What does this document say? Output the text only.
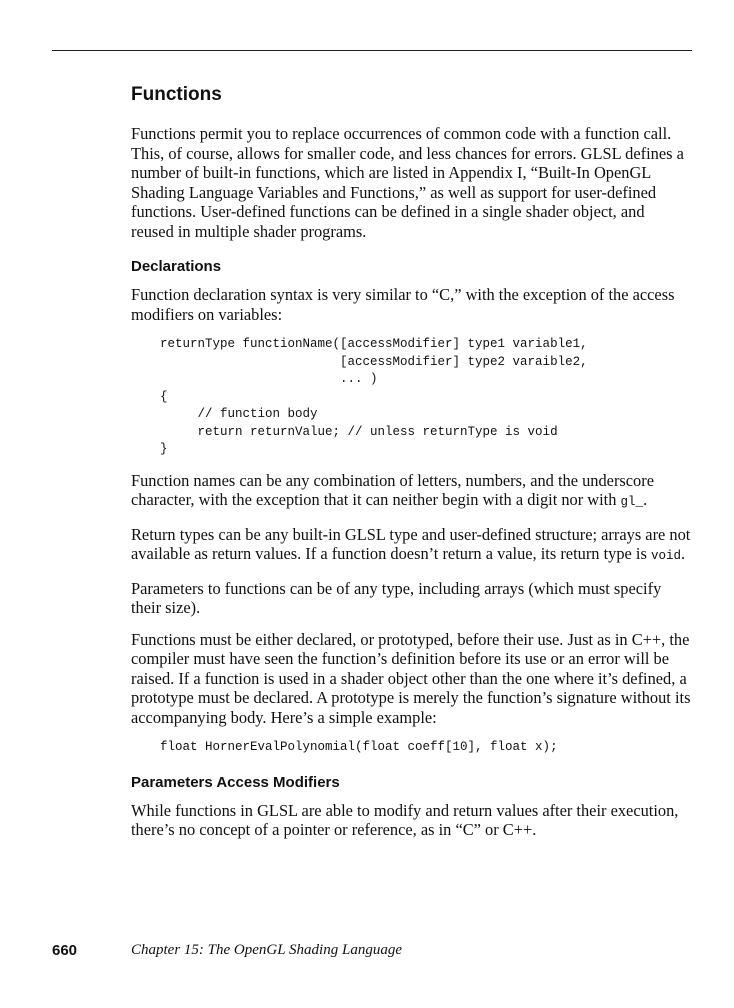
Functions

Functions permit you to replace occurrences of common code with a function call. This, of course, allows for smaller code, and less chances for errors. GLSL defines a number of built-in functions, which are listed in Appendix I, “Built-In OpenGL Shading Language Variables and Functions,” as well as support for user-defined functions. User-defined functions can be defined in a single shader object, and reused in multiple shader programs.

Declarations

Function declaration syntax is very similar to “C,” with the exception of the access modifiers on variables:

returnType functionName([accessModifier] type1 variable1,
[accessModifier] type2 varaible2,
... )
{
// function body
return returnValue; // unless returnType is void
}

Function names can be any combination of letters, numbers, and the underscore character, with the exception that it can neither begin with a digit nor with gl_.

Return types can be any built-in GLSL type and user-defined structure; arrays are not available as return values. If a function doesn’t return a value, its return type is void.

Parameters to functions can be of any type, including arrays (which must specify their size).

Functions must be either declared, or prototyped, before their use. Just as in C++, the compiler must have seen the function’s definition before its use or an error will be raised. If a function is used in a shader object other than the one where it’s defined, a prototype must be declared. A prototype is merely the function’s signature without its accompanying body. Here’s a simple example:

float HornerEvalPolynomial(float coeff[10], float x);
Parameters Access Modifiers

While functions in GLSL are able to modify and return values after their execution, there’s no concept of a pointer or reference, as in “C” or C++.

660	Chapter 15: The OpenGL Shading Language
